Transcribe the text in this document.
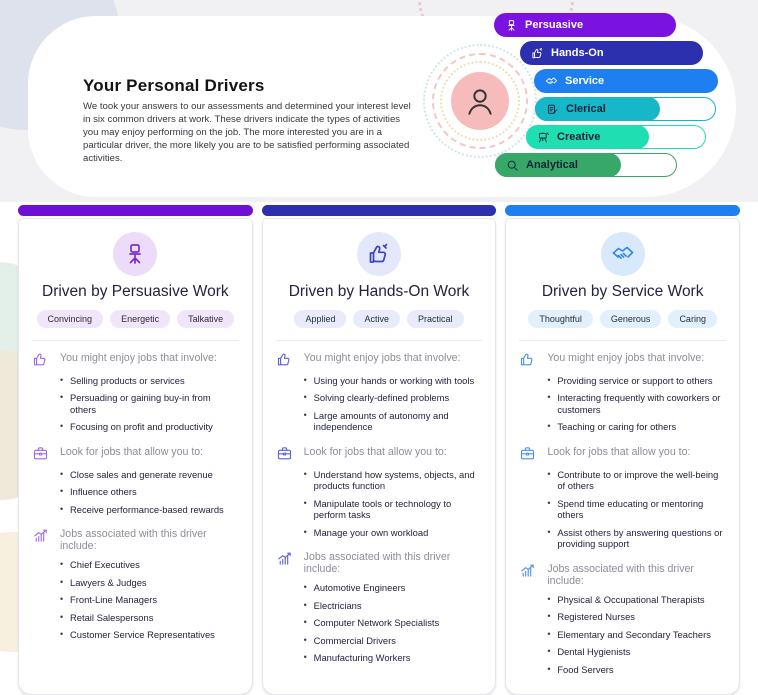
Your Personal Drivers

We took your answers to our assessments and determined your interest level in six common drivers at work. These drivers indicate the types of activities you may enjoy performing on the job. The more interested you are in a particular driver, the more likely you are to be satisfied performing associated activities.

Persuasive
Hands-On
Service
Clerical
Creative
Analytical
Driven by Persuasive Work
Convincing	Energetic	Talkative
You might enjoy jobs that involve:
• Selling products or services
• Persuading or gaining buy-in from others
• Focusing on profit and productivity
Look for jobs that allow you to:
• Close sales and generate revenue
• Influence others
• Receive performance-based rewards
Jobs associated with this driver include:
• Chief Executives
• Lawyers & Judges
• Front-Line Managers
• Retail Salespersons
• Customer Service Representatives
Driven by Hands-On Work
Applied	Active	Practical
You might enjoy jobs that involve:
• Using your hands or working with tools
• Solving clearly-defined problems
• Large amounts of autonomy and independence
Look for jobs that allow you to:
• Understand how systems, objects, and products function
• Manipulate tools or technology to perform tasks
• Manage your own workload
Jobs associated with this driver include:
• Automotive Engineers
• Electricians
• Computer Network Specialists
• Commercial Drivers
• Manufacturing Workers
Driven by Service Work
Thoughtful	Generous	Caring
You might enjoy jobs that involve:
• Providing service or support to others
• Interacting frequently with coworkers or customers
• Teaching or caring for others
Look for jobs that allow you to:
• Contribute to or improve the well-being of others
• Spend time educating or mentoring others
• Assist others by answering questions or providing support
Jobs associated with this driver include:
• Physical & Occupational Therapists
• Registered Nurses
• Elementary and Secondary Teachers
• Dental Hygienists
• Food Servers
